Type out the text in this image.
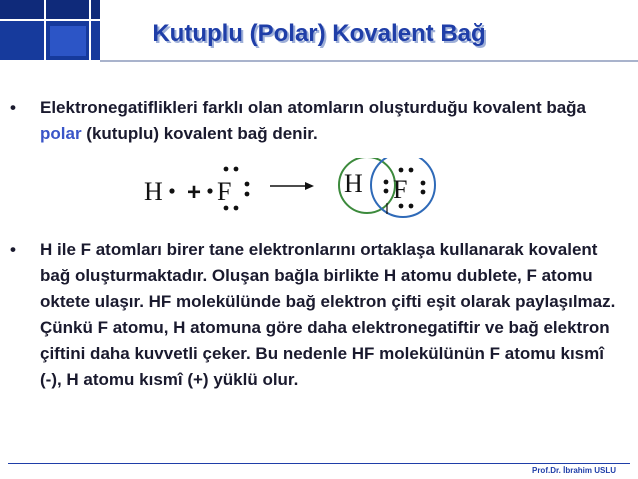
Kutuplu (Polar) Kovalent Bağ
• Elektronegatiflikleri farklı olan atomların oluşturduğu kovalent bağa polar (kutuplu) kovalent bağ denir.
H + F	H F
• H ile F atomları birer tane elektronlarını ortaklaşa kullanarak kovalent bağ oluşturmaktadır. Oluşan bağla birlikte H atomu dublete, F atomu oktete ulaşır. HF molekülünde bağ elektron çifti eşit olarak paylaşılmaz. Çünkü F atomu, H atomuna göre daha elektronegatiftir ve bağ elektron çiftini daha kuvvetli çeker. Bu nedenle HF molekülünün F atomu kısmî (-), H atomu kısmî (+) yüklü olur.
Prof.Dr. İbrahim USLU
